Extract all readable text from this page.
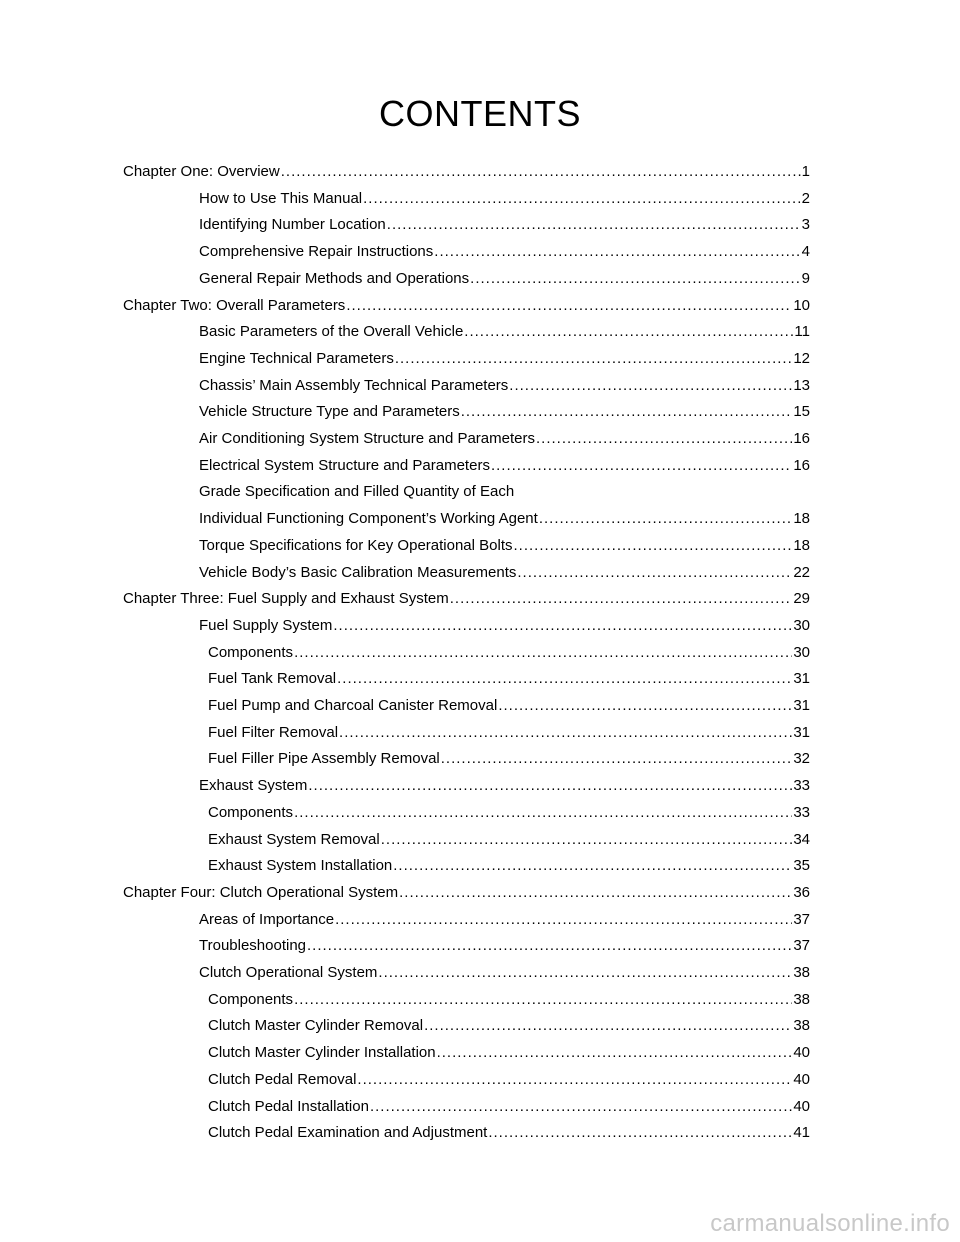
CONTENTS
Chapter One: Overview .....	1
How to Use This Manual .....	2
Identifying Number Location .....	3
Comprehensive Repair Instructions .....	4
General Repair Methods and Operations .....	9
Chapter Two: Overall Parameters .....	10
Basic Parameters of the Overall Vehicle .....	11
Engine Technical Parameters .....	12
Chassis’ Main Assembly Technical Parameters .....	13
Vehicle Structure Type and Parameters .....	15
Air Conditioning System Structure and Parameters .....	16
Electrical System Structure and Parameters .....	16
Grade Specification and Filled Quantity of Each
Individual Functioning Component’s Working Agent .....	18
Torque Specifications for Key Operational Bolts .....	18
Vehicle Body’s Basic Calibration Measurements .....	22
Chapter Three: Fuel Supply and Exhaust System .....	29
Fuel Supply System .....	30
Components .....	30
Fuel Tank Removal .....	31
Fuel Pump and Charcoal Canister Removal .....	31
Fuel Filter Removal .....	31
Fuel Filler Pipe Assembly Removal .....	32
Exhaust System .....	33
Components .....	33
Exhaust System Removal .....	34
Exhaust System Installation .....	35
Chapter Four: Clutch Operational System .....	36
Areas of Importance .....	37
Troubleshooting .....	37
Clutch Operational System .....	38
Components .....	38
Clutch Master Cylinder Removal .....	38
Clutch Master Cylinder Installation .....	40
Clutch Pedal Removal .....	40
Clutch Pedal Installation .....	40
Clutch Pedal Examination and Adjustment .....	41
carmanualsonline.info
